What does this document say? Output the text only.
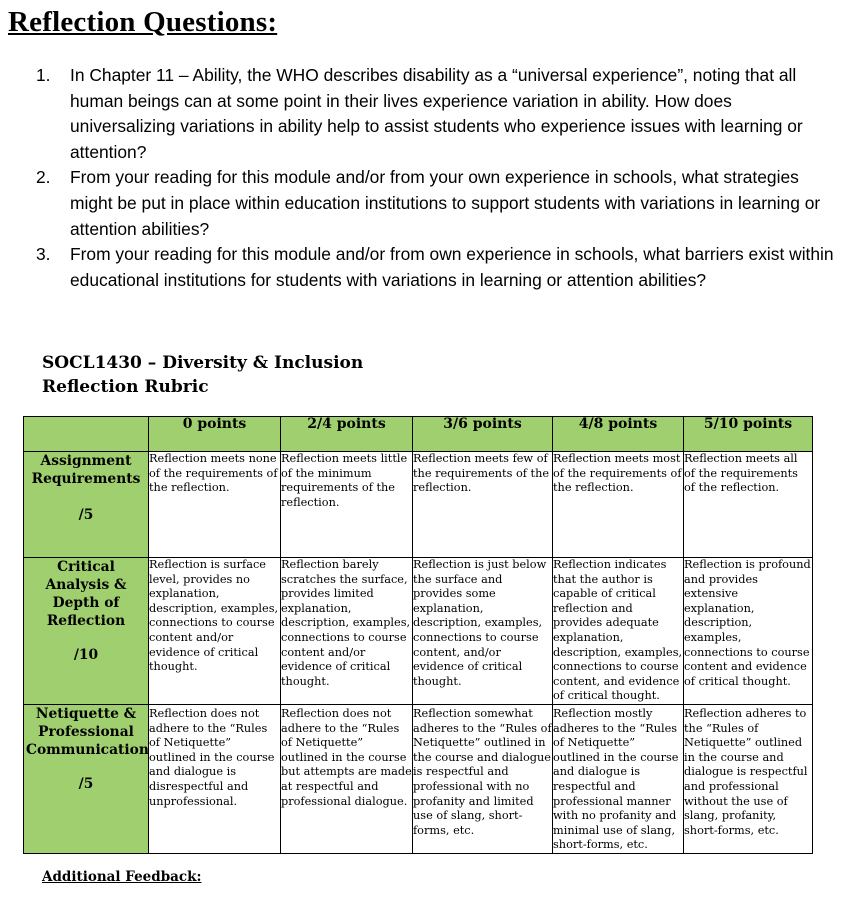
Reflection Questions:
1. In Chapter 11 – Ability, the WHO describes disability as a “universal experience”, noting that all human beings can at some point in their lives experience variation in ability. How does universalizing variations in ability help to assist students who experience issues with learning or attention?
2. From your reading for this module and/or from your own experience in schools, what strategies might be put in place within education institutions to support students with variations in learning or attention abilities?
3. From your reading for this module and/or from own experience in schools, what barriers exist within educational institutions for students with variations in learning or attention abilities?
SOCL1430 – Diversity & Inclusion
Reflection Rubric
	0 points	2/4 points	3/6 points	4/8 points	5/10 points

Assignment Requirements
/5	Reflection meets none of the requirements of the reflection.	Reflection meets little of the minimum requirements of the reflection.	Reflection meets few of the requirements of the reflection.	Reflection meets most of the requirements of the reflection.	Reflection meets all of the requirements of the reflection.

Critical Analysis & Depth of Reflection
/10	Reflection is surface level, provides no explanation, description, examples, connections to course content and/or evidence of critical thought.	Reflection barely scratches the surface, provides limited explanation, description, examples, connections to course content and/or evidence of critical thought.	Reflection is just below the surface and provides some explanation, description, examples, connections to course content, and/or evidence of critical thought.	Reflection indicates that the author is capable of critical reflection and provides adequate explanation, description, examples, connections to course content, and evidence of critical thought.	Reflection is profound and provides extensive explanation, description, examples, connections to course content and evidence of critical thought.

Netiquette & Professional Communication
/5	Reflection does not adhere to the “Rules of Netiquette” outlined in the course and dialogue is disrespectful and unprofessional.	Reflection does not adhere to the “Rules of Netiquette” outlined in the course but attempts are made at respectful and professional dialogue.	Reflection somewhat adheres to the “Rules of Netiquette” outlined in the course and dialogue is respectful and professional with no profanity and limited use of slang, short-forms, etc.	Reflection mostly adheres to the “Rules of Netiquette” outlined in the course and dialogue is respectful and professional manner with no profanity and minimal use of slang, short-forms, etc.	Reflection adheres to the “Rules of Netiquette” outlined in the course and dialogue is respectful and professional without the use of slang, profanity, short-forms, etc.
Additional Feedback:
